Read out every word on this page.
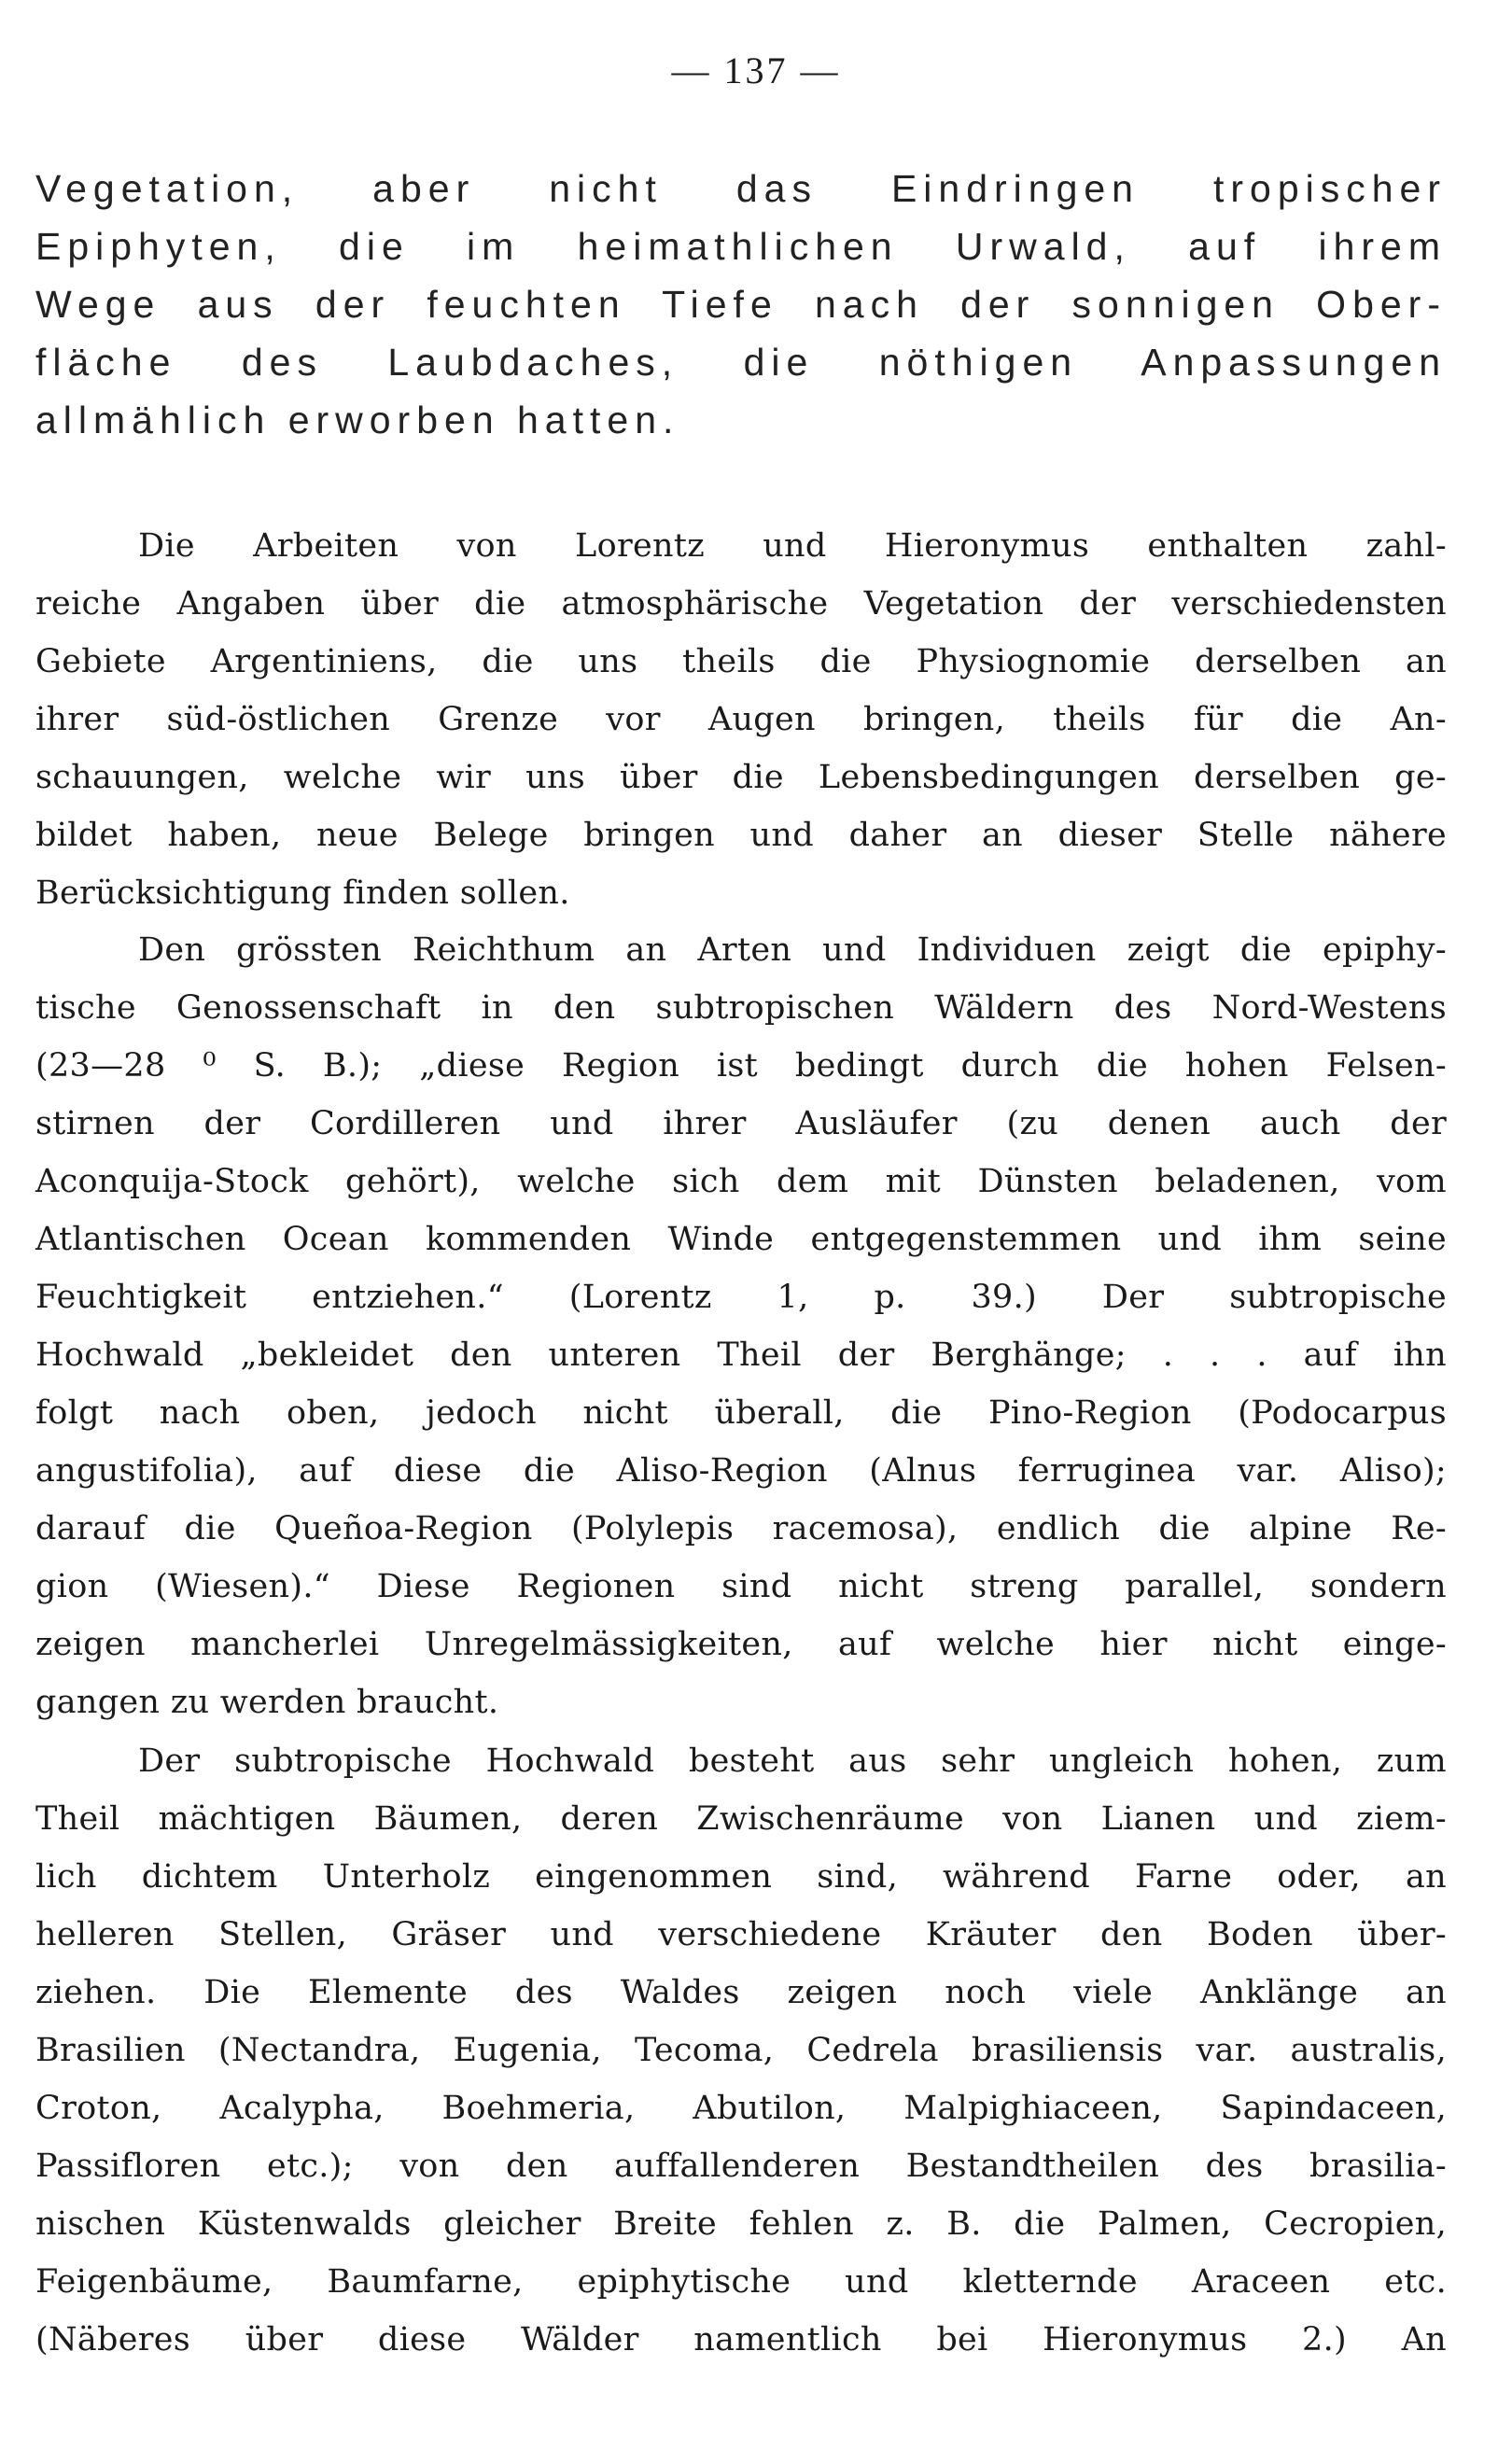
— 137 —

Vegetation, aber nicht das Eindringen tropischer

Epiphyten, die im heimathlichen Urwald, auf ihrem

Wege aus der feuchten Tiefe nach der sonnigen Ober-

fläche des Laubdaches, die nöthigen Anpassungen

allmählich erworben hatten.

Die Arbeiten von Lorentz und Hieronymus enthalten zahl-

reiche Angaben über die atmosphärische Vegetation der verschiedensten

Gebiete Argentiniens, die uns theils die Physiognomie derselben an

ihrer süd-östlichen Grenze vor Augen bringen, theils für die An-

schauungen, welche wir uns über die Lebensbedingungen derselben ge-

bildet haben, neue Belege bringen und daher an dieser Stelle nähere

Berücksichtigung finden sollen.

Den grössten Reichthum an Arten und Individuen zeigt die epiphy-

tische Genossenschaft in den subtropischen Wäldern des Nord-Westens

(23—28 ⁰ S. B.); „diese Region ist bedingt durch die hohen Felsen-

stirnen der Cordilleren und ihrer Ausläufer (zu denen auch der

Aconquija-Stock gehört), welche sich dem mit Dünsten beladenen, vom

Atlantischen Ocean kommenden Winde entgegenstemmen und ihm seine

Feuchtigkeit entziehen.“ (Lorentz 1, p. 39.) Der subtropische

Hochwald „bekleidet den unteren Theil der Berghänge; . . . auf ihn

folgt nach oben, jedoch nicht überall, die Pino-Region (Podocarpus

angustifolia), auf diese die Aliso-Region (Alnus ferruginea var. Aliso);

darauf die Queñoa-Region (Polylepis racemosa), endlich die alpine Re-

gion (Wiesen).“ Diese Regionen sind nicht streng parallel, sondern

zeigen mancherlei Unregelmässigkeiten, auf welche hier nicht einge-

gangen zu werden braucht.

Der subtropische Hochwald besteht aus sehr ungleich hohen, zum

Theil mächtigen Bäumen, deren Zwischenräume von Lianen und ziem-

lich dichtem Unterholz eingenommen sind, während Farne oder, an

helleren Stellen, Gräser und verschiedene Kräuter den Boden über-

ziehen. Die Elemente des Waldes zeigen noch viele Anklänge an

Brasilien (Nectandra, Eugenia, Tecoma, Cedrela brasiliensis var. australis,

Croton, Acalypha, Boehmeria, Abutilon, Malpighiaceen, Sapindaceen,

Passifloren etc.); von den auffallenderen Bestandtheilen des brasilia-

nischen Küstenwalds gleicher Breite fehlen z. B. die Palmen, Cecropien,

Feigenbäume, Baumfarne, epiphytische und kletternde Araceen etc.

(Näberes über diese Wälder namentlich bei Hieronymus 2.) An
